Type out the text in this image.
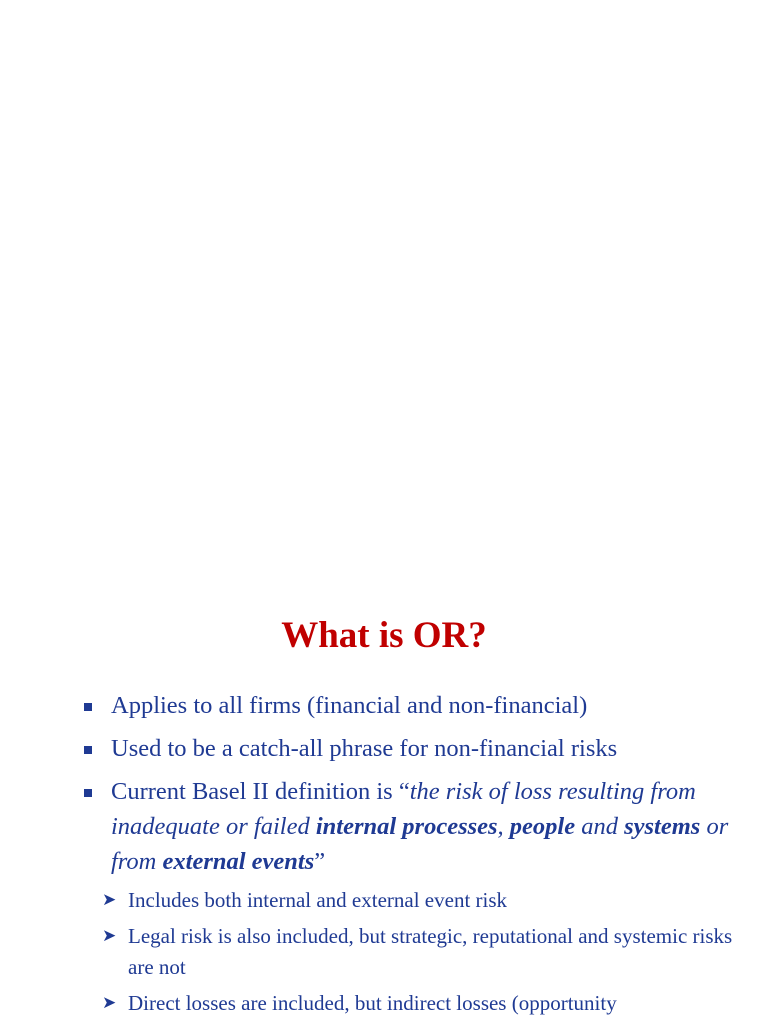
What is OR?
Applies to all firms (financial and non-financial)
Used to be a catch-all phrase for non-financial risks
Current Basel II definition is “the risk of loss resulting from inadequate or failed internal processes, people and systems or from external events”
➤ Includes both internal and external event risk
➤ Legal risk is also included, but strategic, reputational and systemic risks are not
➤ Direct losses are included, but indirect losses (opportunity
